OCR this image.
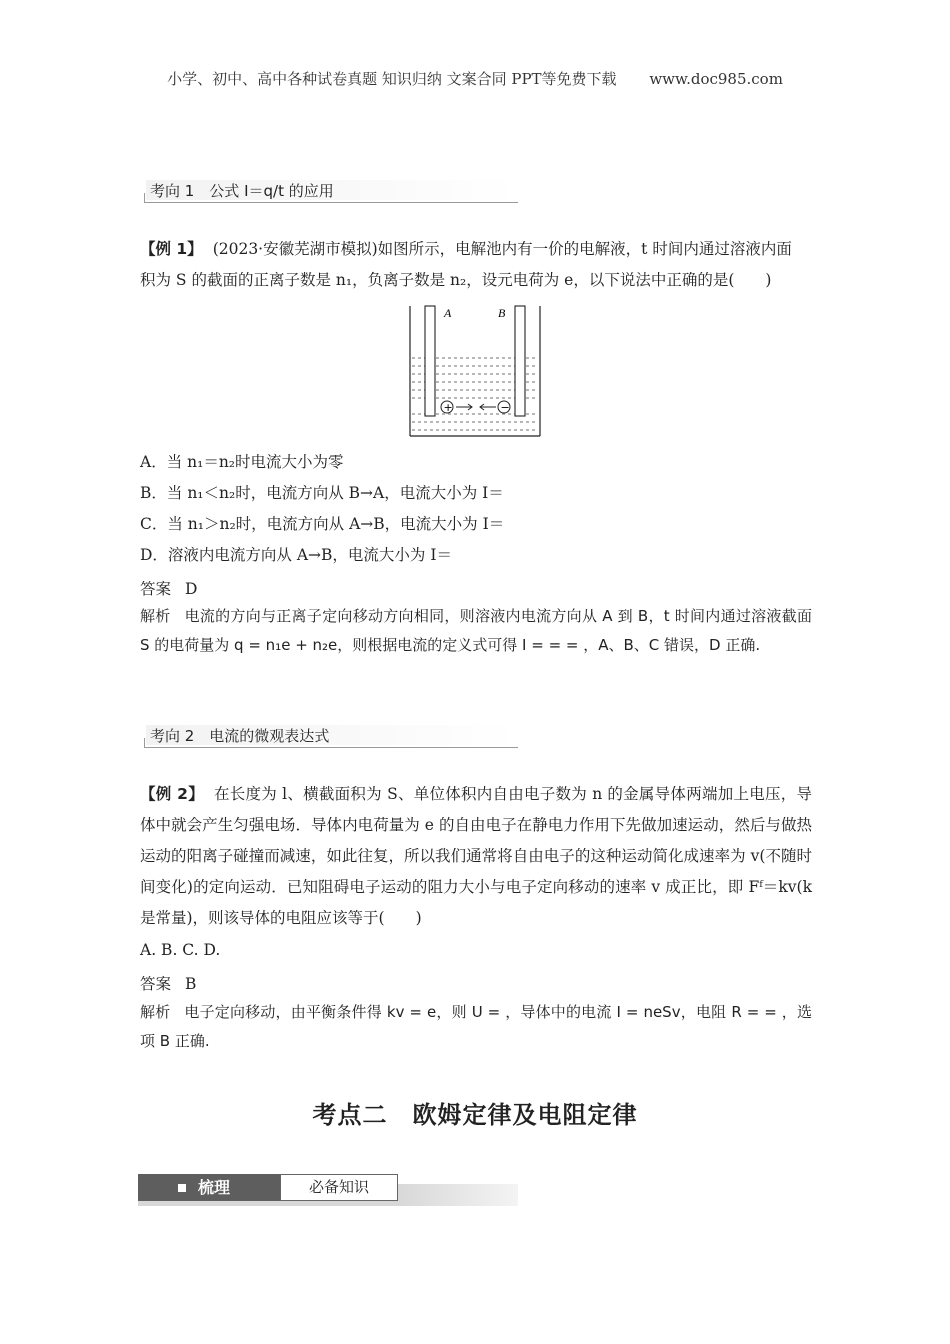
小学、初中、高中各种试卷真题 知识归纳 文案合同 PPT等免费下载 www.doc985.com
考向 1　公式 I＝q/t 的应用
【例 1】 (2023·安徽芜湖市模拟)如图所示，电解池内有一价的电解液，t 时间内通过溶液内面
积为 S 的截面的正离子数是 n₁，负离子数是 n₂，设元电荷为 e，以下说法中正确的是(　　)
A	B
+	−
A．当 n₁＝n₂时电流大小为零
B．当 n₁＜n₂时，电流方向从 B→A，电流大小为 I＝
C．当 n₁＞n₂时，电流方向从 A→B，电流大小为 I＝
D．溶液内电流方向从 A→B，电流大小为 I＝
答案 D
解析 电流的方向与正离子定向移动方向相同，则溶液内电流方向从 A 到 B，t 时间内通过溶液截面 S 的电荷量为 q = n₁e + n₂e，则根据电流的定义式可得 I = = = ，A、B、C 错误，D 正确.
考向 2　电流的微观表达式
【例 2】 在长度为 l、横截面积为 S、单位体积内自由电子数为 n 的金属导体两端加上电压，导体中就会产生匀强电场．导体内电荷量为 e 的自由电子在静电力作用下先做加速运动，然后与做热运动的阳离子碰撞而减速，如此往复，所以我们通常将自由电子的这种运动简化成速率为 v(不随时间变化)的定向运动．已知阻碍电子运动的阻力大小与电子定向移动的速率 v 成正比，即 Fᶠ＝kv(k 是常量)，则该导体的电阻应该等于(　　)
A. B. C. D.
答案 B
解析 电子定向移动，由平衡条件得 kv = e，则 U = ，导体中的电流 I = neSv，电阻 R = = ，选项 B 正确.
考点二　欧姆定律及电阻定律
梳理	必备知识
